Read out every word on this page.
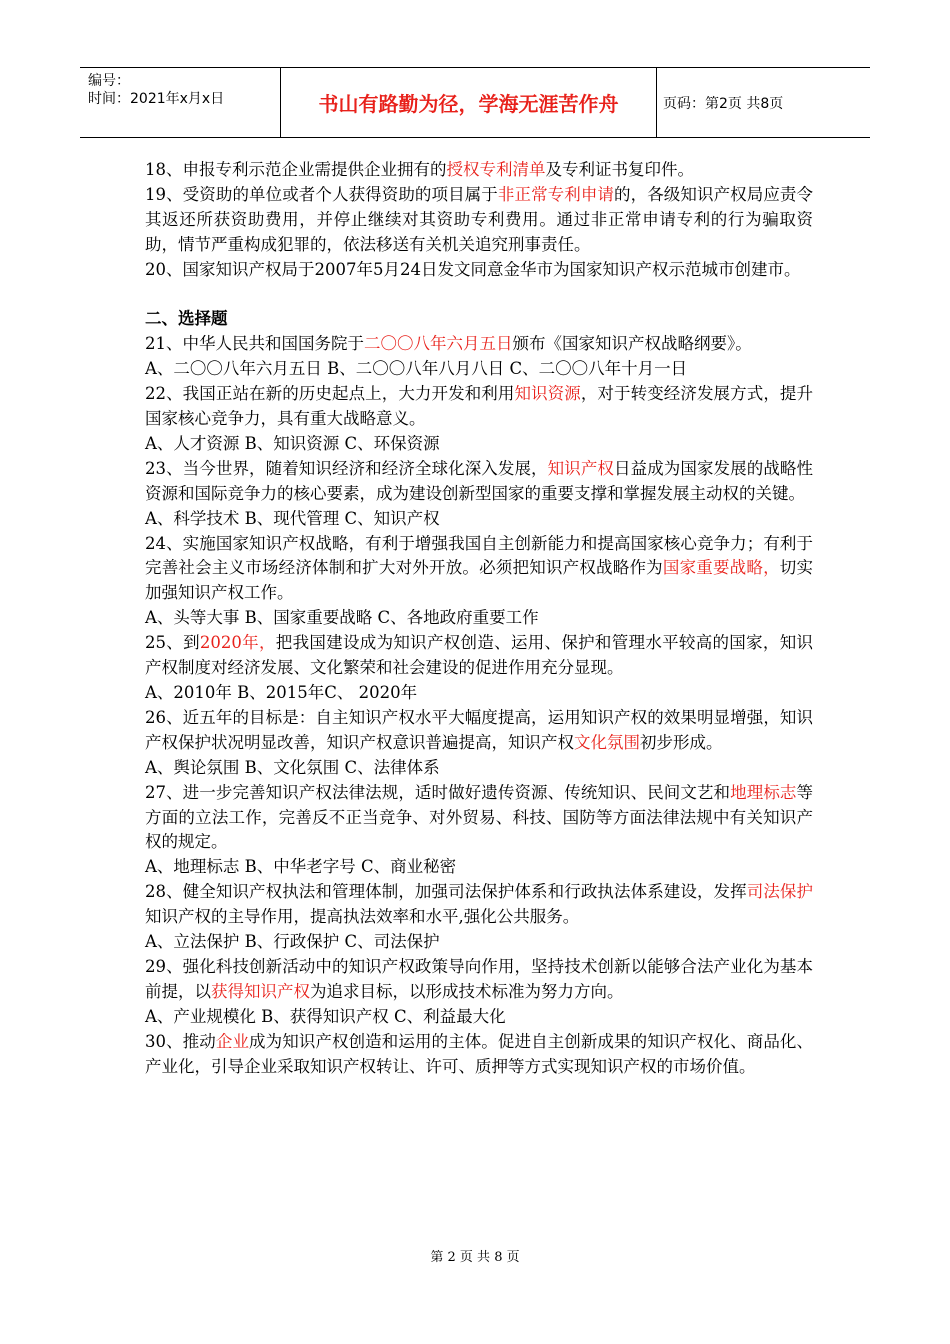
编号：
时间：2021年x月x日	书山有路勤为径，学海无涯苦作舟	页码：第2页 共8页

18、申报专利示范企业需提供企业拥有的授权专利清单及专利证书复印件。

19、受资助的单位或者个人获得资助的项目属于非正常专利申请的，各级知识产权局应责令其返还所获资助费用，并停止继续对其资助专利费用。通过非正常申请专利的行为骗取资助，情节严重构成犯罪的，依法移送有关机关追究刑事责任。

20、国家知识产权局于2007年5月24日发文同意金华市为国家知识产权示范城市创建市。

二、选择题

21、中华人民共和国国务院于二〇〇八年六月五日颁布《国家知识产权战略纲要》。

A、二〇〇八年六月五日 B、二〇〇八年八月八日 C、二〇〇八年十月一日

22、我国正站在新的历史起点上，大力开发和利用知识资源，对于转变经济发展方式，提升国家核心竞争力，具有重大战略意义。

A、人才资源 B、知识资源 C、环保资源

23、当今世界，随着知识经济和经济全球化深入发展，知识产权日益成为国家发展的战略性资源和国际竞争力的核心要素，成为建设创新型国家的重要支撑和掌握发展主动权的关键。

A、科学技术 B、现代管理 C、知识产权

24、实施国家知识产权战略，有利于增强我国自主创新能力和提高国家核心竞争力；有利于完善社会主义市场经济体制和扩大对外开放。必须把知识产权战略作为国家重要战略，切实加强知识产权工作。

A、头等大事 B、国家重要战略 C、各地政府重要工作

25、到2020年，把我国建设成为知识产权创造、运用、保护和管理水平较高的国家，知识产权制度对经济发展、文化繁荣和社会建设的促进作用充分显现。

A、2010年 B、2015年C、 2020年

26、近五年的目标是：自主知识产权水平大幅度提高，运用知识产权的效果明显增强，知识产权保护状况明显改善，知识产权意识普遍提高，知识产权文化氛围初步形成。

A、舆论氛围 B、文化氛围 C、法律体系

27、进一步完善知识产权法律法规，适时做好遗传资源、传统知识、民间文艺和地理标志等方面的立法工作，完善反不正当竞争、对外贸易、科技、国防等方面法律法规中有关知识产权的规定。

A、地理标志 B、中华老字号 C、商业秘密

28、健全知识产权执法和管理体制，加强司法保护体系和行政执法体系建设，发挥司法保护知识产权的主导作用，提高执法效率和水平,强化公共服务。

A、立法保护 B、行政保护 C、司法保护

29、强化科技创新活动中的知识产权政策导向作用，坚持技术创新以能够合法产业化为基本前提，以获得知识产权为追求目标，以形成技术标准为努力方向。

A、产业规模化 B、获得知识产权 C、利益最大化

30、推动企业成为知识产权创造和运用的主体。促进自主创新成果的知识产权化、商品化、产业化，引导企业采取知识产权转让、许可、质押等方式实现知识产权的市场价值。

第 2 页 共 8 页
